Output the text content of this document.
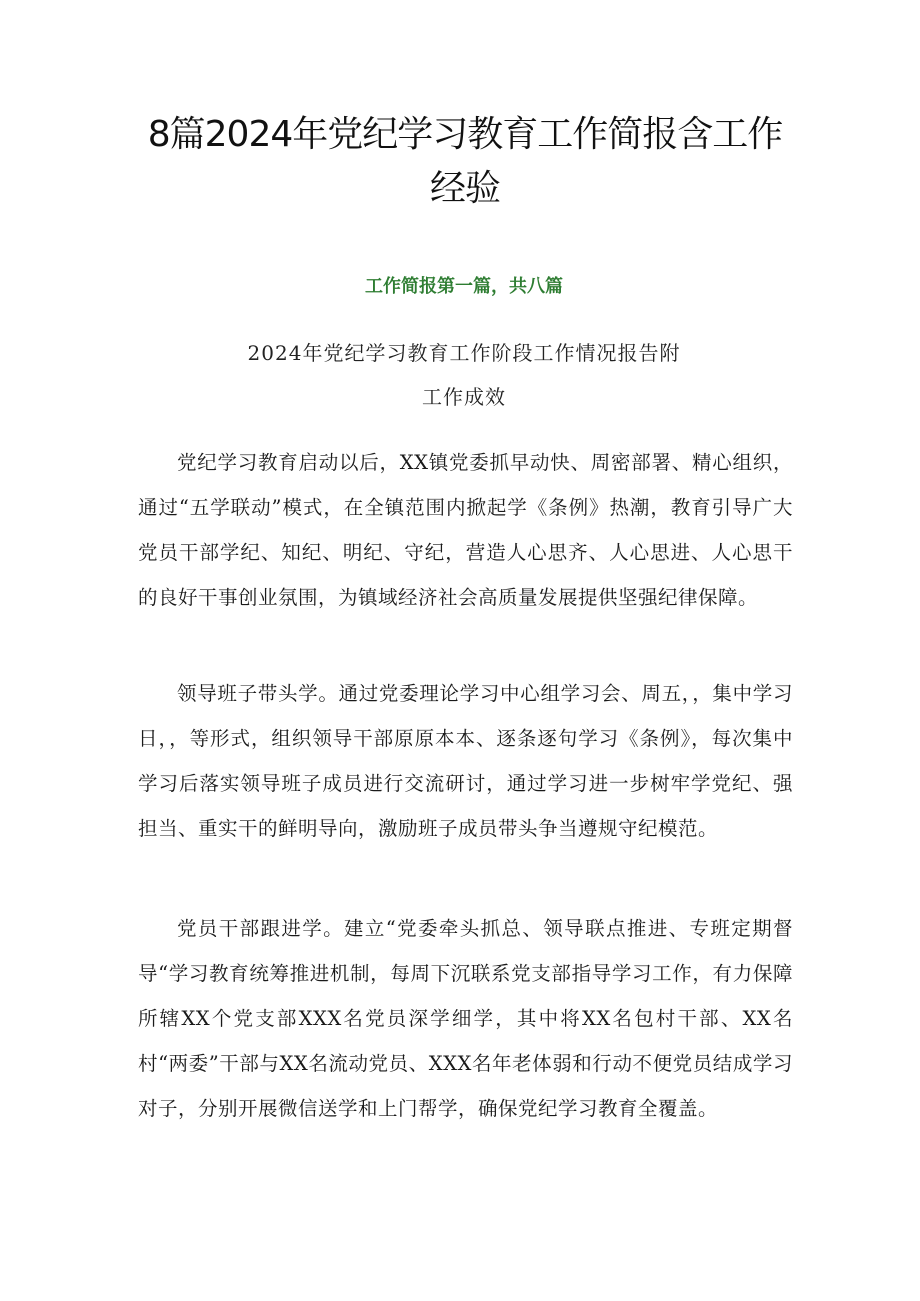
8篇2024年党纪学习教育工作简报含工作经验
工作简报第一篇，共八篇

2024年党纪学习教育工作阶段工作情况报告附

工作成效

党纪学习教育启动以后，XX镇党委抓早动快、周密部署、精心组织，通过“五学联动”模式，在全镇范围内掀起学《条例》热潮，教育引导广大党员干部学纪、知纪、明纪、守纪，营造人心思齐、人心思进、人心思干的良好干事创业氛围，为镇域经济社会高质量发展提供坚强纪律保障。

领导班子带头学。通过党委理论学习中心组学习会、周五，，集中学习日，，等形式，组织领导干部原原本本、逐条逐句学习《条例》，每次集中学习后落实领导班子成员进行交流研讨，通过学习进一步树牢学党纪、强担当、重实干的鲜明导向，激励班子成员带头争当遵规守纪模范。

党员干部跟进学。建立“党委牵头抓总、领导联点推进、专班定期督导“学习教育统筹推进机制，每周下沉联系党支部指导学习工作，有力保障所辖XX个党支部XXX名党员深学细学，其中将XX名包村干部、XX名村“两委”干部与XX名流动党员、XXX名年老体弱和行动不便党员结成学习对子，分别开展微信送学和上门帮学，确保党纪学习教育全覆盖。
